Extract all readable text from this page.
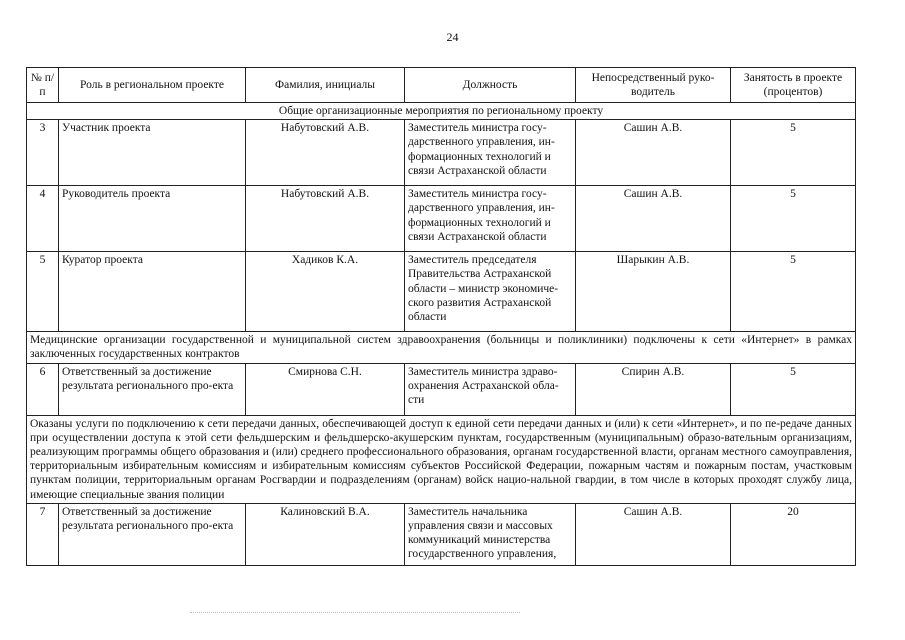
24
№ п/п	Роль в региональном проекте	Фамилия, инициалы	Должность	Непосредственный руко-водитель	Занятость в проекте (процентов)
Общие организационные мероприятия по региональному проекту					
3	Участник проекта	Набутовский А.В.	Заместитель министра госу-дарственного управления, ин-формационных технологий и связи Астраханской области	Сашин А.В.	5
4	Руководитель проекта	Набутовский А.В.	Заместитель министра госу-дарственного управления, ин-формационных технологий и связи Астраханской области	Сашин А.В.	5
5	Куратор проекта	Хадиков К.А.	Заместитель председателя Правительства Астраханской области – министр экономиче-ского развития Астраханской области	Шарыкин А.В.	5
Медицинские организации государственной и муниципальной систем здравоохранения (больницы и поликлиники) подключены к сети «Интернет» в рамках заключенных государственных контрактов					
6	Ответственный за достижение результата регионального про-екта	Смирнова С.Н.	Заместитель министра здраво-охранения Астраханской обла-сти	Спирин А.В.	5
Оказаны услуги по подключению к сети передачи данных, обеспечивающей доступ к единой сети передачи данных и (или) к сети «Интернет», и по пе-редаче данных при осуществлении доступа к этой сети фельдшерским и фельдшерско-акушерским пунктам, государственным (муниципальным) образо-вательным организациям, реализующим программы общего образования и (или) среднего профессионального образования, органам государственной власти, органам местного самоуправления, территориальным избирательным комиссиям и избирательным комиссиям субъектов Российской Федерации, пожарным частям и пожарным постам, участковым пунктам полиции, территориальным органам Росгвардии и подразделениям (органам) войск нацио-нальной гвардии, в том числе в которых проходят службу лица, имеющие специальные звания полиции					
7	Ответственный за достижение результата регионального про-екта	Калиновский В.А.	Заместитель начальника управления связи и массовых коммуникаций министерства государственного управления,	Сашин А.В.	20
